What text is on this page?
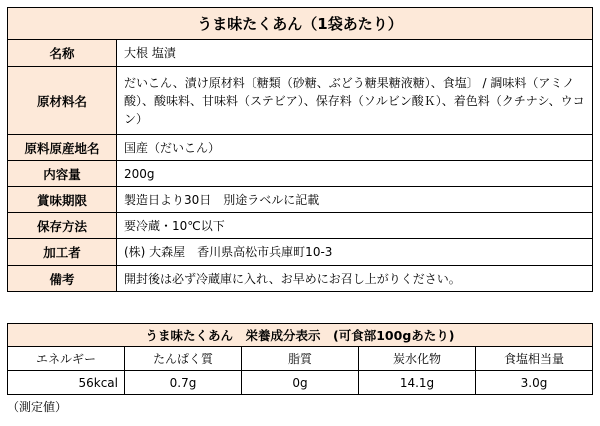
うま味たくあん（1袋あたり）	
名称	大根 塩漬
原材料名	だいこん、漬け原材料〔糖類（砂糖、ぶどう糖果糖液糖）、食塩〕 / 調味料（アミノ酸）、酸味料、甘味料（ステビア）、保存料（ソルビン酸Ｋ）、着色料（クチナシ、ウコン）
原料原産地名	国産（だいこん）
内容量	200g
賞味期限	製造日より30日　別途ラベルに記載
保存方法	要冷蔵・10℃以下
加工者	(株) 大森屋　香川県高松市兵庫町10-3
備考	開封後は必ず冷蔵庫に入れ、お早めにお召し上がりください。
うま味たくあん　栄養成分表示　(可食部100gあたり)				
エネルギー	たんぱく質	脂質	炭水化物	食塩相当量
56kcal	0.7g	0g	14.1g	3.0g
（測定値）
